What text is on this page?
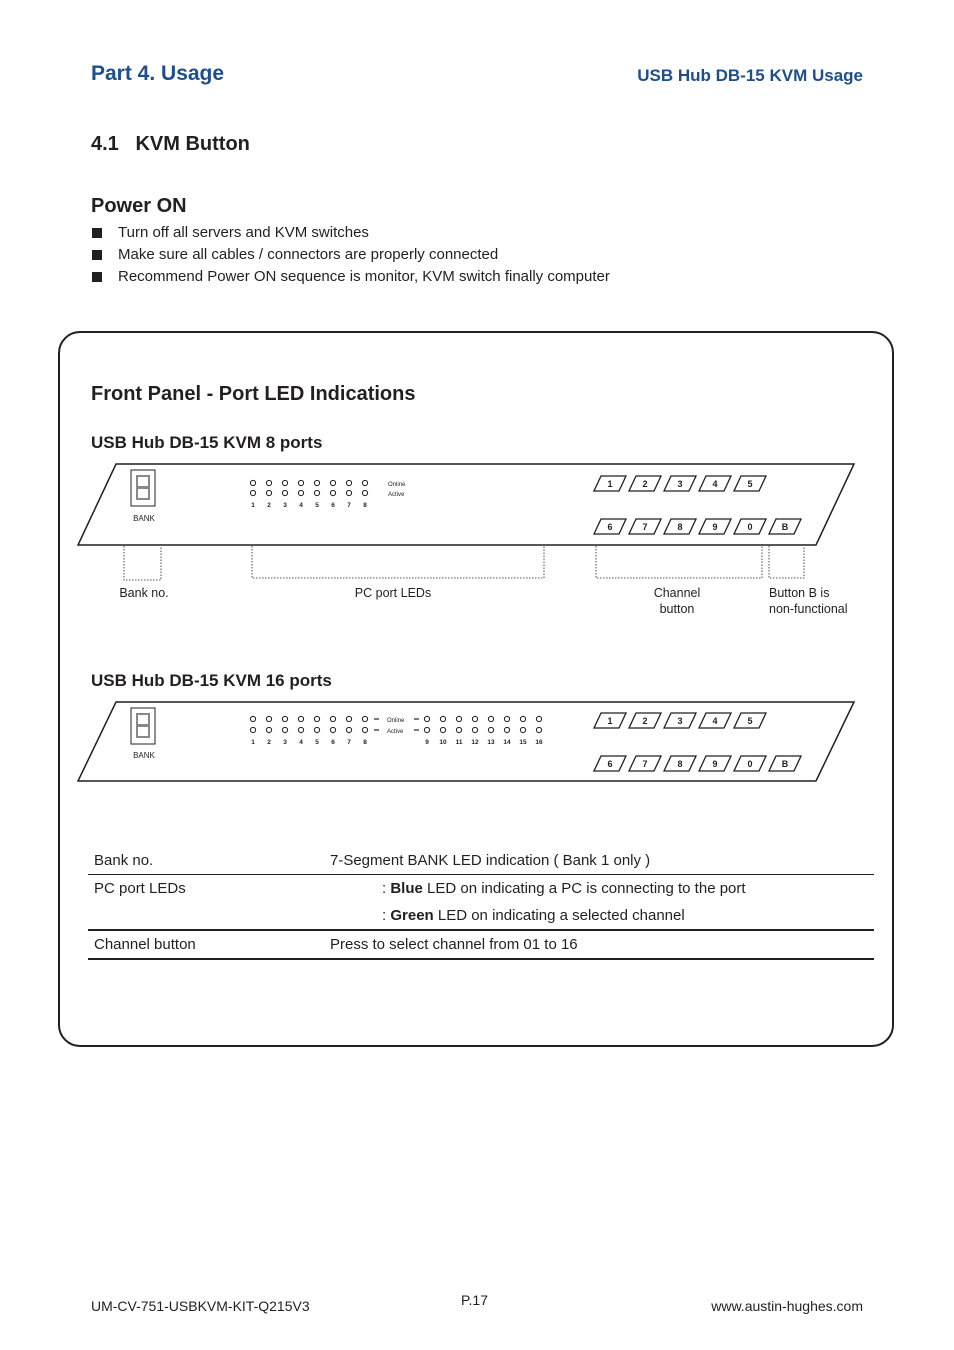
Part 4. Usage	USB Hub DB-15 KVM Usage
4.1   KVM Button
Power ON
Turn off all servers and KVM switches
Make sure all cables / connectors are properly connected
Recommend Power ON sequence is monitor, KVM switch finally computer
Front Panel - Port LED Indications
USB Hub DB-15 KVM 8 ports
USB Hub DB-15 KVM 16 ports
BANK
1 2 3 4 5 6 7 8
Online
Active
1	2	3	4	5
6	7	8	9	0	B
BANK
1 2 3 4 5 6 7 8	9 10 11 12 13 14 15 16
Online
Active
1	2	3	4	5
6	7	8	9	0	B
Bank no.	PC port LEDs	Channel
button
Button B is
non-functional
Bank no.	7-Segment BANK LED indication ( Bank 1 only )
PC port LEDs	: Blue LED on indicating a PC is connecting to the port
	: Green LED on indicating a selected channel
Channel button	Press to select channel from 01 to 16
UM-CV-751-USBKVM-KIT-Q215V3	P.17	www.austin-hughes.com
